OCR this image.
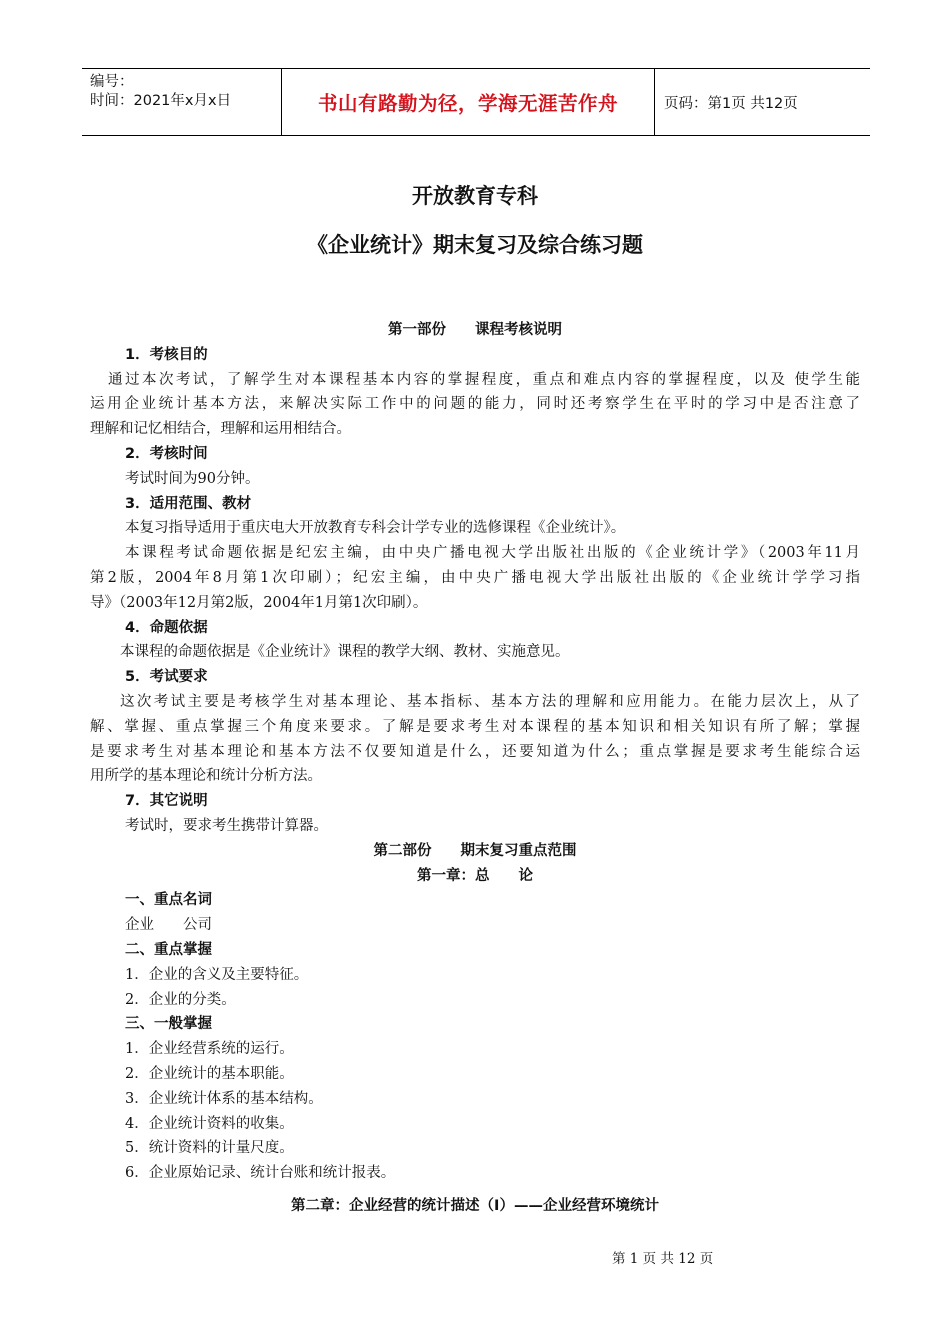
编号：
时间：2021年x月x日	书山有路勤为径，学海无涯苦作舟	页码：第1页 共12页
开放教育专科
《企业统计》期末复习及综合练习题
第一部份　　课程考核说明
1．考核目的
通过本次考试，了解学生对本课程基本内容的掌握程度，重点和难点内容的掌握程度，以及 使学生能
运用企业统计基本方法，来解决实际工作中的问题的能力，同时还考察学生在平时的学习中是否注意了
理解和记忆相结合，理解和运用相结合。
2．考核时间
考试时间为90分钟。
3．适用范围、教材
本复习指导适用于重庆电大开放教育专科会计学专业的选修课程《企业统计》。
本课程考试命题依据是纪宏主编，由中央广播电视大学出版社出版的《企业统计学》（2003年11月
第2版，2004年8月第1次印刷）；纪宏主编，由中央广播电视大学出版社出版的《企业统计学学习指
导》（2003年12月第2版，2004年1月第1次印刷）。
4．命题依据
本课程的命题依据是《企业统计》课程的教学大纲、教材、实施意见。
5．考试要求
这次考试主要是考核学生对基本理论、基本指标、基本方法的理解和应用能力。在能力层次上，从了
解、掌握、重点掌握三个角度来要求。了解是要求考生对本课程的基本知识和相关知识有所了解；掌握
是要求考生对基本理论和基本方法不仅要知道是什么，还要知道为什么；重点掌握是要求考生能综合运
用所学的基本理论和统计分析方法。
7．其它说明
考试时，要求考生携带计算器。
第二部份　　期末复习重点范围
第一章：总　　论
一、重点名词
企业　　公司
二、重点掌握
1．企业的含义及主要特征。
2．企业的分类。
三、一般掌握
1．企业经营系统的运行。
2．企业统计的基本职能。
3．企业统计体系的基本结构。
4．企业统计资料的收集。
5．统计资料的计量尺度。
6．企业原始记录、统计台账和统计报表。
第二章：企业经营的统计描述（Ⅰ）——企业经营环境统计
第 1 页 共 12 页
